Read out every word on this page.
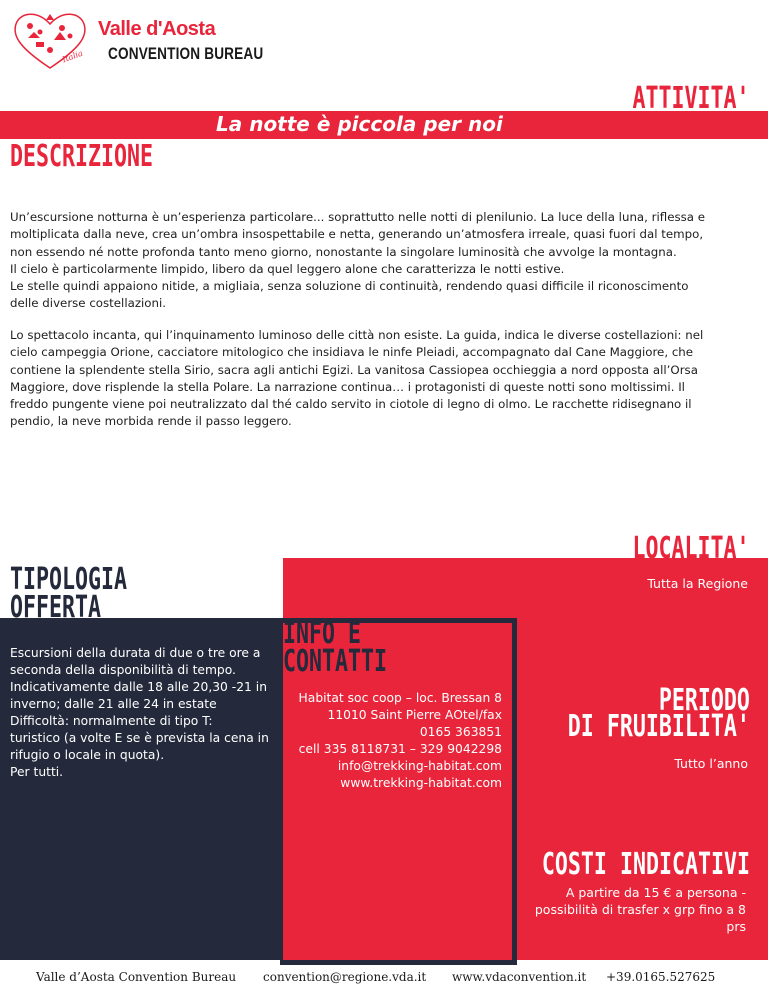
Italia
Valle d'Aosta
CONVENTION BUREAU
ATTIVITA'
La notte è piccola per noi
DESCRIZIONE
Un’escursione notturna è un’esperienza particolare... soprattutto nelle notti di plenilunio. La luce della luna, riflessa e
moltiplicata dalla neve, crea un’ombra insospettabile e netta, generando un’atmosfera irreale, quasi fuori dal tempo,
non essendo né notte profonda tanto meno giorno, nonostante la singolare luminosità che avvolge la montagna.
Il cielo è particolarmente limpido, libero da quel leggero alone che caratterizza le notti estive.
Le stelle quindi appaiono nitide, a migliaia, senza soluzione di continuità, rendendo quasi difficile il riconoscimento
delle diverse costellazioni.
Lo spettacolo incanta, qui l’inquinamento luminoso delle città non esiste. La guida, indica le diverse costellazioni: nel
cielo campeggia Orione, cacciatore mitologico che insidiava le ninfe Pleiadi, accompagnato dal Cane Maggiore, che
contiene la splendente stella Sirio, sacra agli antichi Egizi. La vanitosa Cassiopea occhieggia a nord opposta all’Orsa
Maggiore, dove risplende la stella Polare. La narrazione continua… i protagonisti di queste notti sono moltissimi. Il
freddo pungente viene poi neutralizzato dal thé caldo servito in ciotole di legno di olmo. Le racchette ridisegnano il
pendio, la neve morbida rende il passo leggero.
LOCALITA'
Tutta la Regione
TIPOLOGIA
OFFERTA
Escursioni della durata di due o tre ore a
seconda della disponibilità di tempo.
Indicativamente dalle 18 alle 20,30 -21 in
inverno; dalle 21 alle 24 in estate
Difficoltà: normalmente di tipo T:
turistico (a volte E se è prevista la cena in
rifugio o locale in quota).
Per tutti.
INFO E
CONTATTI
Habitat soc coop – loc. Bressan 8
11010 Saint Pierre AOtel/fax
0165 363851
cell 335 8118731 – 329 9042298
info@trekking-habitat.com
www.trekking-habitat.com
PERIODO
DI FRUIBILITA'
Tutto l’anno
COSTI INDICATIVI
A partire da 15 € a persona -
possibilità di trasfer x grp fino a 8
prs
Valle d’Aosta Convention Bureau convention@regione.vda.it www.vdaconvention.it +39.0165.527625
